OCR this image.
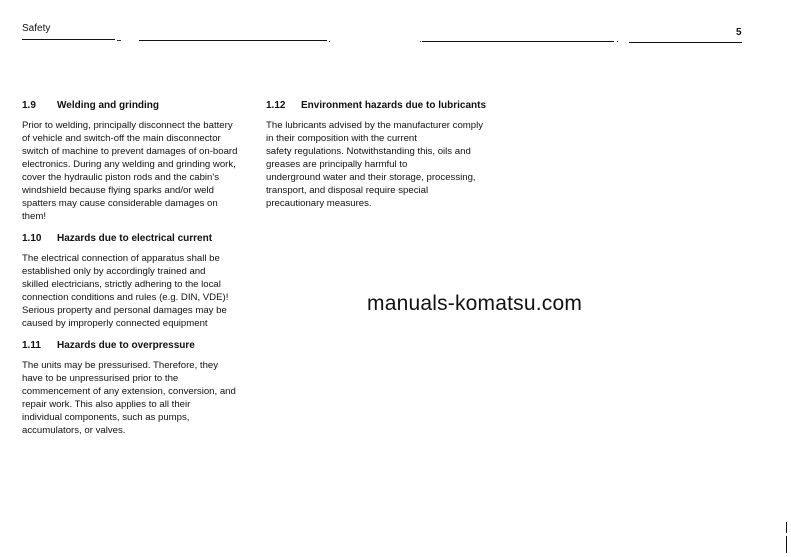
Safety	5
1.9	Welding and grinding

Prior to welding, principally disconnect the battery
of vehicle and switch-off the main disconnector
switch of machine to prevent damages of on-board
electronics. During any welding and grinding work,
cover the hydraulic piston rods and the cabin's
windshield because flying sparks and/or weld
spatters may cause considerable damages on
them!

1.10	Hazards due to electrical current

The electrical connection of apparatus shall be
established only by accordingly trained and
skilled electricians, strictly adhering to the local
connection conditions and rules (e.g. DIN, VDE)!
Serious property and personal damages may be
caused by improperly connected equipment

1.11	Hazards due to overpressure

The units may be pressurised. Therefore, they
have to be unpressurised prior to the
commencement of any extension, conversion, and
repair work. This also applies to all their
individual components, such as pumps,
accumulators, or valves.

1.12	Environment hazards due to lubricants

The lubricants advised by the manufacturer comply
in their composition with the current
safety regulations. Notwithstanding this, oils and
greases are principally harmful to
underground water and their storage, processing,
transport, and disposal require special
precautionary measures.

manuals-komatsu.com
